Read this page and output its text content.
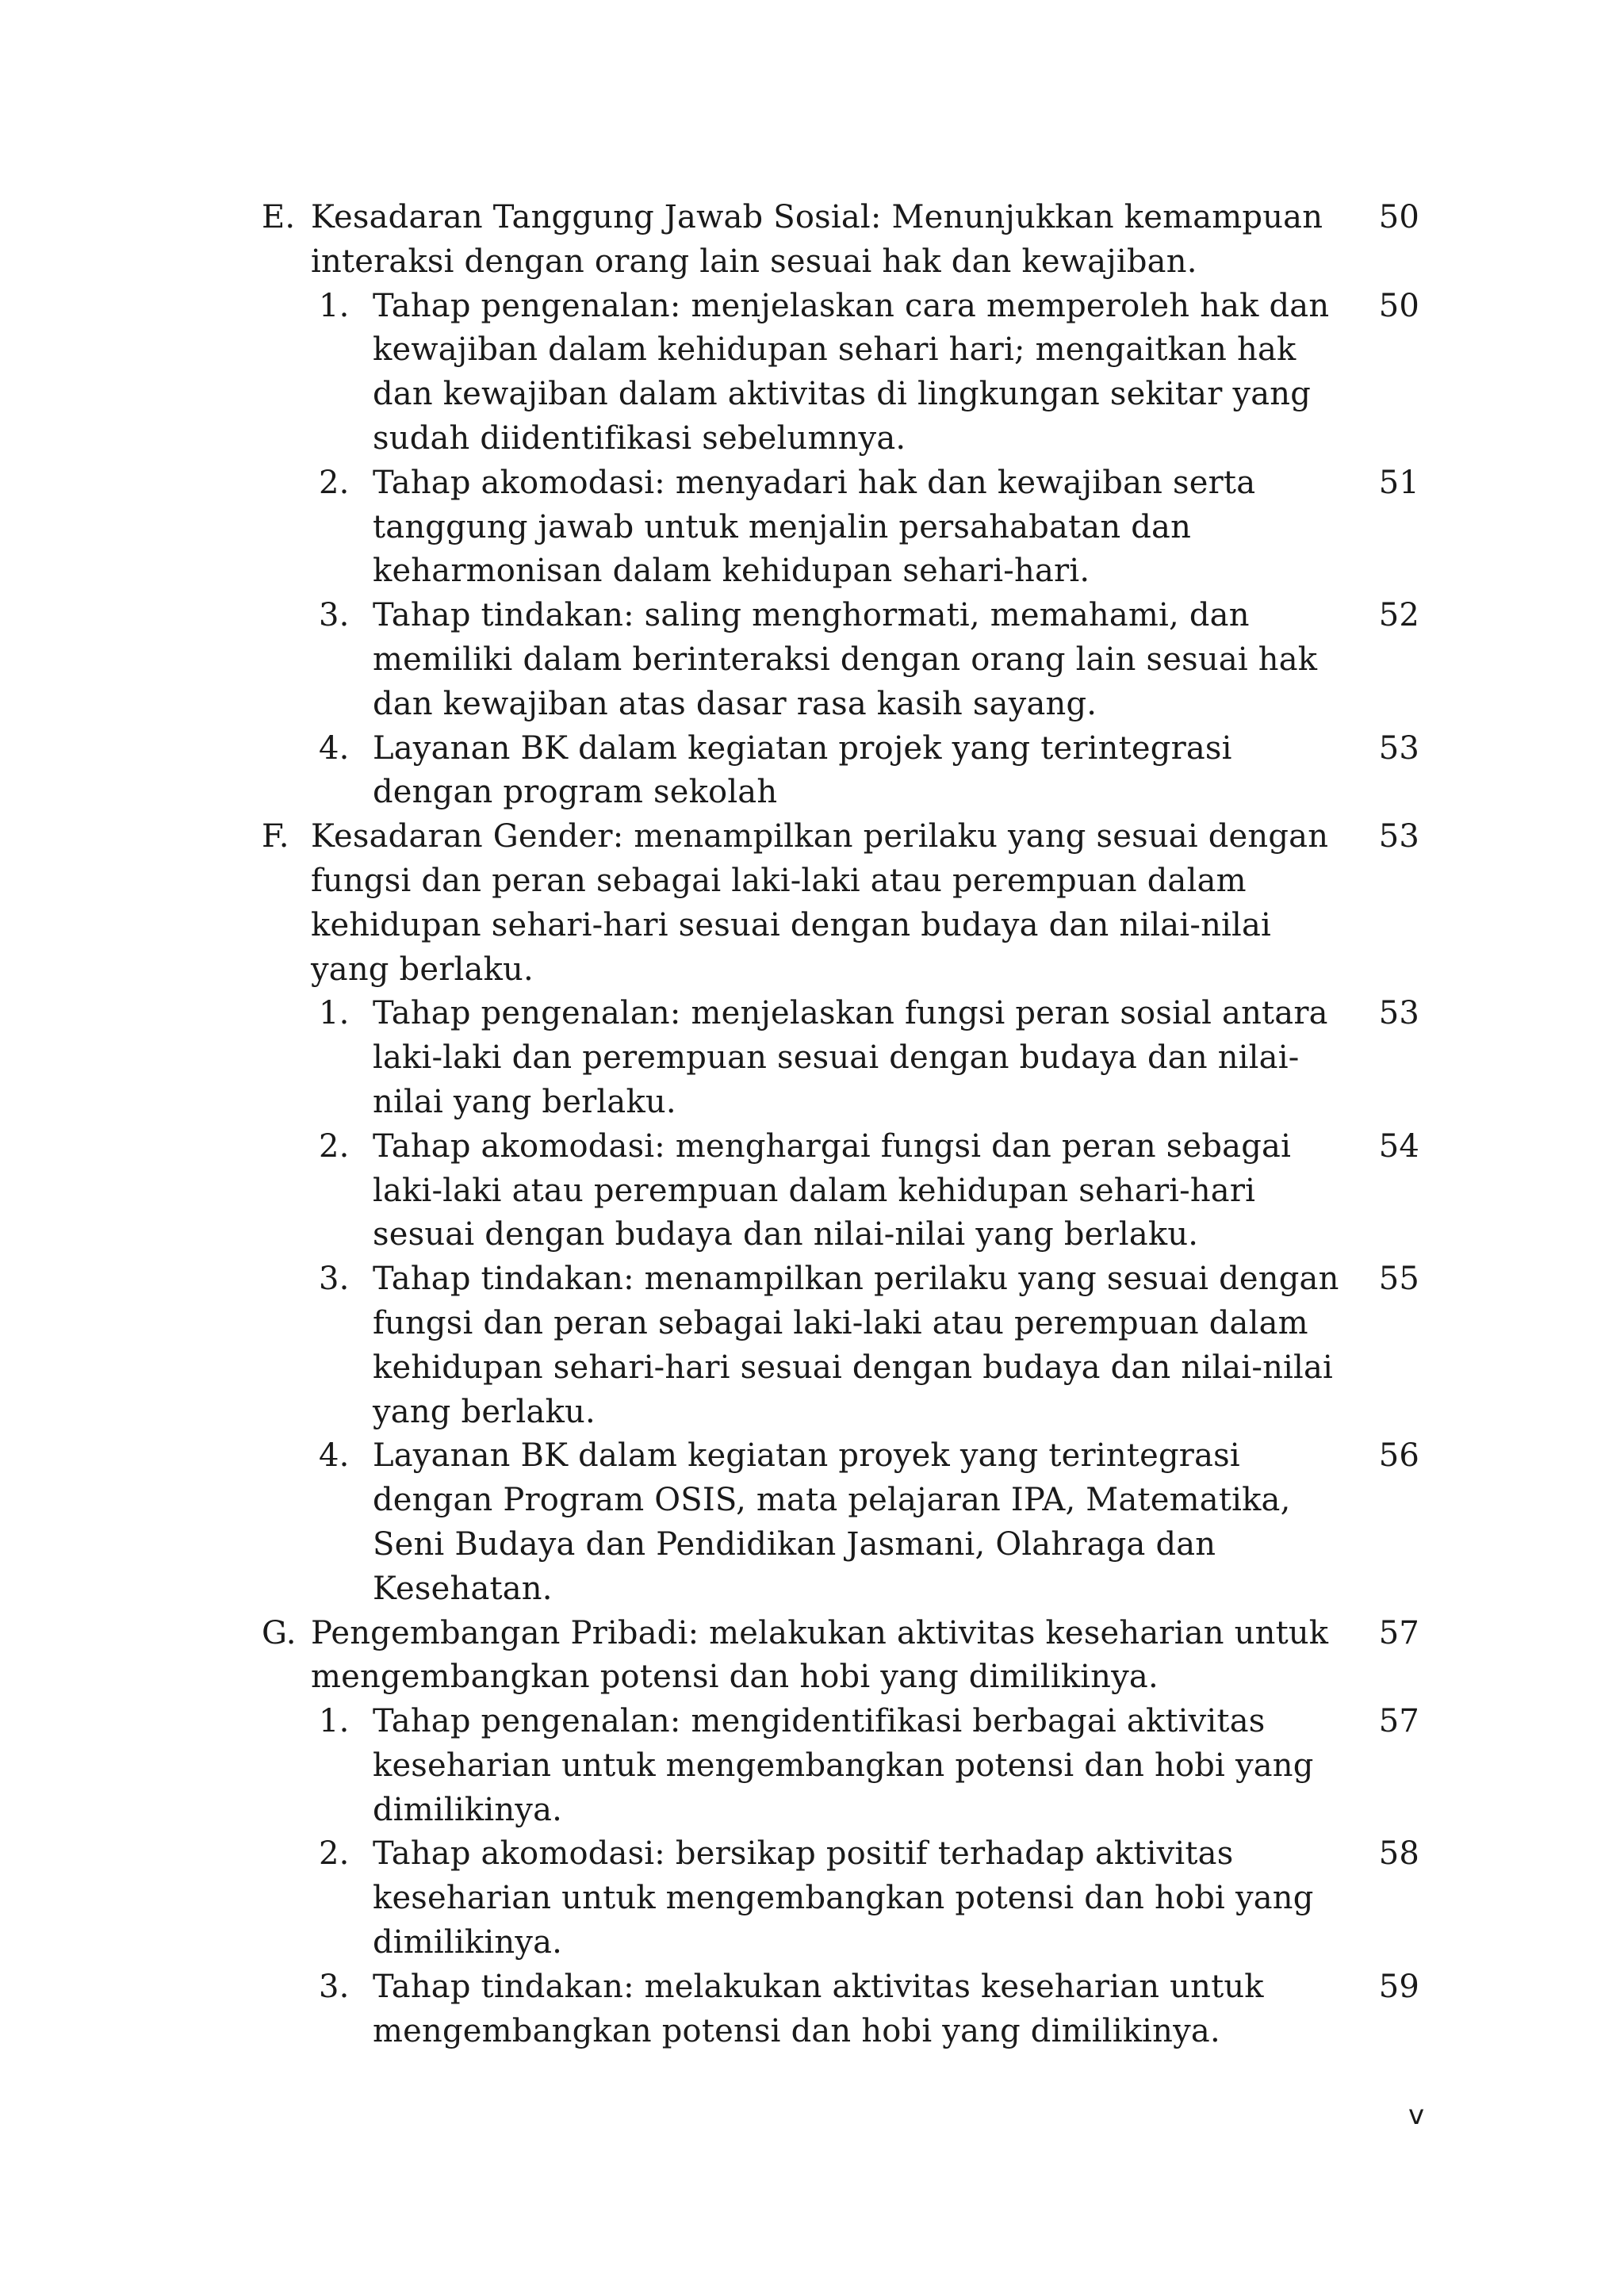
E. Kesadaran Tanggung Jawab Sosial: Menunjukkan kemampuan interaksi dengan orang lain sesuai hak dan kewajiban.
50
1. Tahap pengenalan: menjelaskan cara memperoleh hak dan kewajiban dalam kehidupan sehari hari; mengaitkan hak dan kewajiban dalam aktivitas di lingkungan sekitar yang sudah diidentifikasi sebelumnya.
50
2. Tahap akomodasi: menyadari hak dan kewajiban serta tanggung jawab untuk menjalin persahabatan dan keharmonisan dalam kehidupan sehari-hari.
51
3. Tahap tindakan: saling menghormati, memahami, dan memiliki dalam berinteraksi dengan orang lain sesuai hak dan kewajiban atas dasar rasa kasih sayang.
52
4. Layanan BK dalam kegiatan projek yang terintegrasi dengan program sekolah
53
F. Kesadaran Gender: menampilkan perilaku yang sesuai dengan fungsi dan peran sebagai laki-laki atau perempuan dalam kehidupan sehari-hari sesuai dengan budaya dan nilai-nilai yang berlaku.
53
1. Tahap pengenalan: menjelaskan fungsi peran sosial antara laki-laki dan perempuan sesuai dengan budaya dan nilai-nilai yang berlaku.
53
2. Tahap akomodasi: menghargai fungsi dan peran sebagai laki-laki atau perempuan dalam kehidupan sehari-hari sesuai dengan budaya dan nilai-nilai yang berlaku.
54
3. Tahap tindakan: menampilkan perilaku yang sesuai dengan fungsi dan peran sebagai laki-laki atau perempuan dalam kehidupan sehari-hari sesuai dengan budaya dan nilai-nilai yang berlaku.
55
4. Layanan BK dalam kegiatan proyek yang terintegrasi dengan Program OSIS, mata pelajaran IPA, Matematika, Seni Budaya dan Pendidikan Jasmani, Olahraga dan Kesehatan.
56
G. Pengembangan Pribadi: melakukan aktivitas keseharian untuk mengembangkan potensi dan hobi yang dimilikinya.
57
1. Tahap pengenalan: mengidentifikasi berbagai aktivitas keseharian untuk mengembangkan potensi dan hobi yang dimilikinya.
57
2. Tahap akomodasi: bersikap positif terhadap aktivitas keseharian untuk mengembangkan potensi dan hobi yang dimilikinya.
58
3. Tahap tindakan: melakukan aktivitas keseharian untuk mengembangkan potensi dan hobi yang dimilikinya.
59
v
